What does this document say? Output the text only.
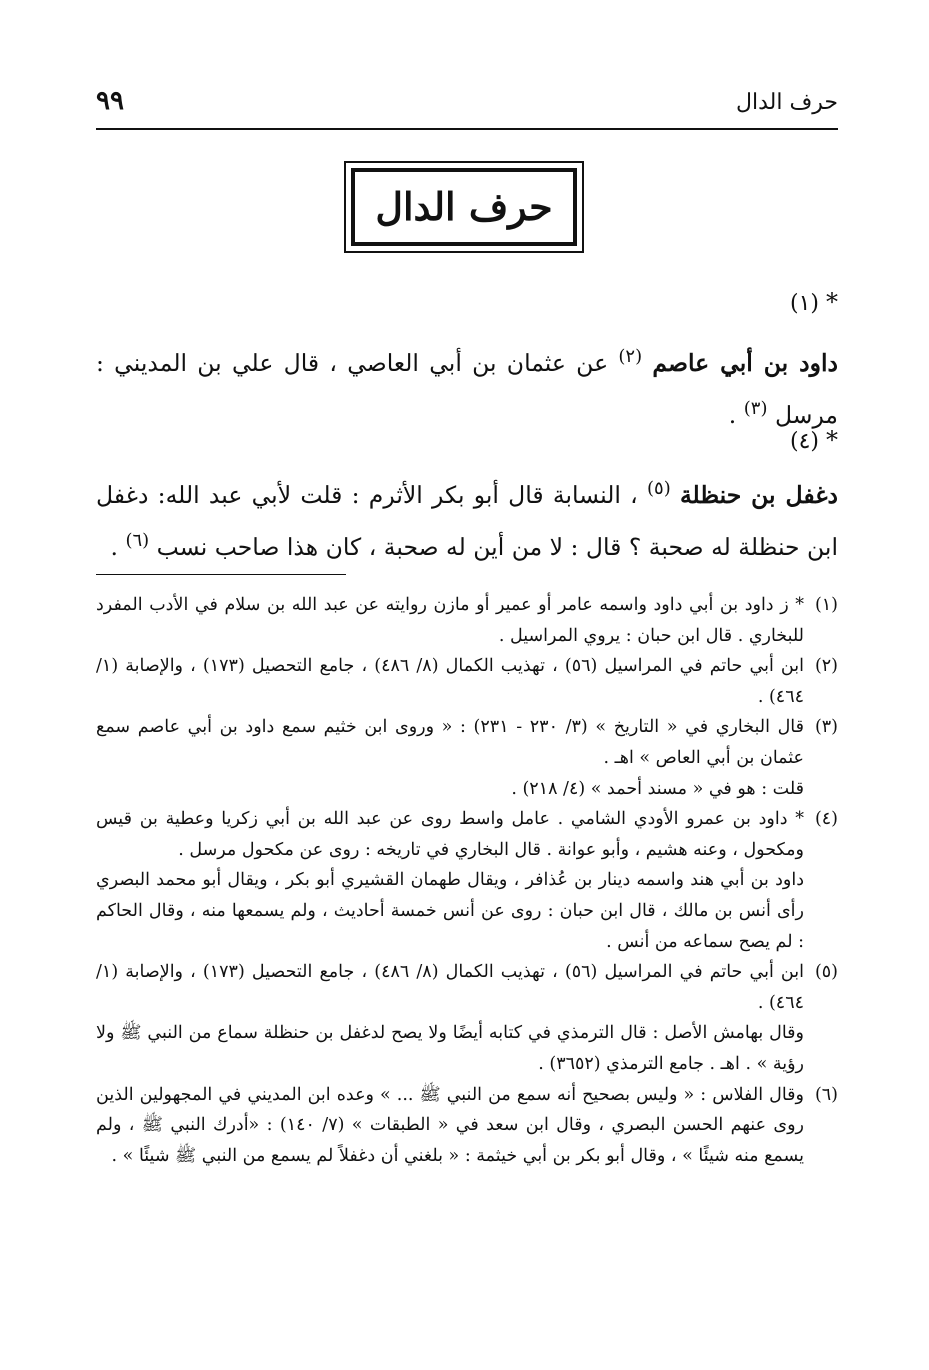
حرف الدال
٩٩
حرف الدال
* (١)
داود بن أبي عاصم $^{(٢)}$ عن عثمان بن أبي العاصي ، قال علي بن المديني : مرسل $^{(٣)}$ .
* (٤)
دغفل بن حنظلة $^{(٥)}$ ، النسابة قال أبو بكر الأثرم : قلت لأبي عبد الله: دغفل ابن حنظلة له صحبة ؟ قال : لا من أين له صحبة ، كان هذا صاحب نسب $^{(٦)}$ .
(١)

* ز داود بن أبي داود واسمه عامر أو عمير أو مازن روايته عن عبد الله بن سلام في الأدب المفرد للبخاري . قال ابن حبان : يروي المراسيل .

(٢)

ابن أبي حاتم في المراسيل (٥٦) ، تهذيب الكمال (٨/ ٤٨٦) ، جامع التحصيل (١٧٣) ، والإصابة (١/ ٤٦٤) .

(٣)

قال البخاري في « التاريخ » (٣/ ٢٣٠ - ٢٣١) : « وروى ابن خثيم سمع داود بن أبي عاصم سمع عثمان بن أبي العاص » اهـ .

قلت : هو في « مسند أحمد » (٤/ ٢١٨) .

(٤)

* داود بن عمرو الأودي الشامي . عامل واسط روى عن عبد الله بن أبي زكريا وعطية بن قيس ومكحول ، وعنه هشيم ، وأبو عوانة . قال البخاري في تاريخه : روى عن مكحول مرسل .

داود بن أبي هند واسمه دينار بن عُذافر ، ويقال طهمان القشيري أبو بكر ، ويقال أبو محمد البصري رأى أنس بن مالك ، قال ابن حبان : روى عن أنس خمسة أحاديث ، ولم يسمعها منه ، وقال الحاكم : لم يصح سماعه من أنس .

(٥)

ابن أبي حاتم في المراسيل (٥٦) ، تهذيب الكمال (٨/ ٤٨٦) ، جامع التحصيل (١٧٣) ، والإصابة (١/ ٤٦٤) .

وقال بهامش الأصل : قال الترمذي في كتابه أيضًا ولا يصح لدغفل بن حنظلة سماع من النبي ﷺ ولا رؤية » . اهـ . جامع الترمذي (٣٦٥٢) .

(٦)

وقال الفلاس : « وليس بصحيح أنه سمع من النبي ﷺ ... » وعده ابن المديني في المجهولين الذين روى عنهم الحسن البصري ، وقال ابن سعد في « الطبقات » (٧/ ١٤٠) : «أدرك النبي ﷺ ، ولم يسمع منه شيئًا » ، وقال أبو بكر بن أبي خيثمة : « بلغني أن دغفلاً لم يسمع من النبي ﷺ شيئًا » .
